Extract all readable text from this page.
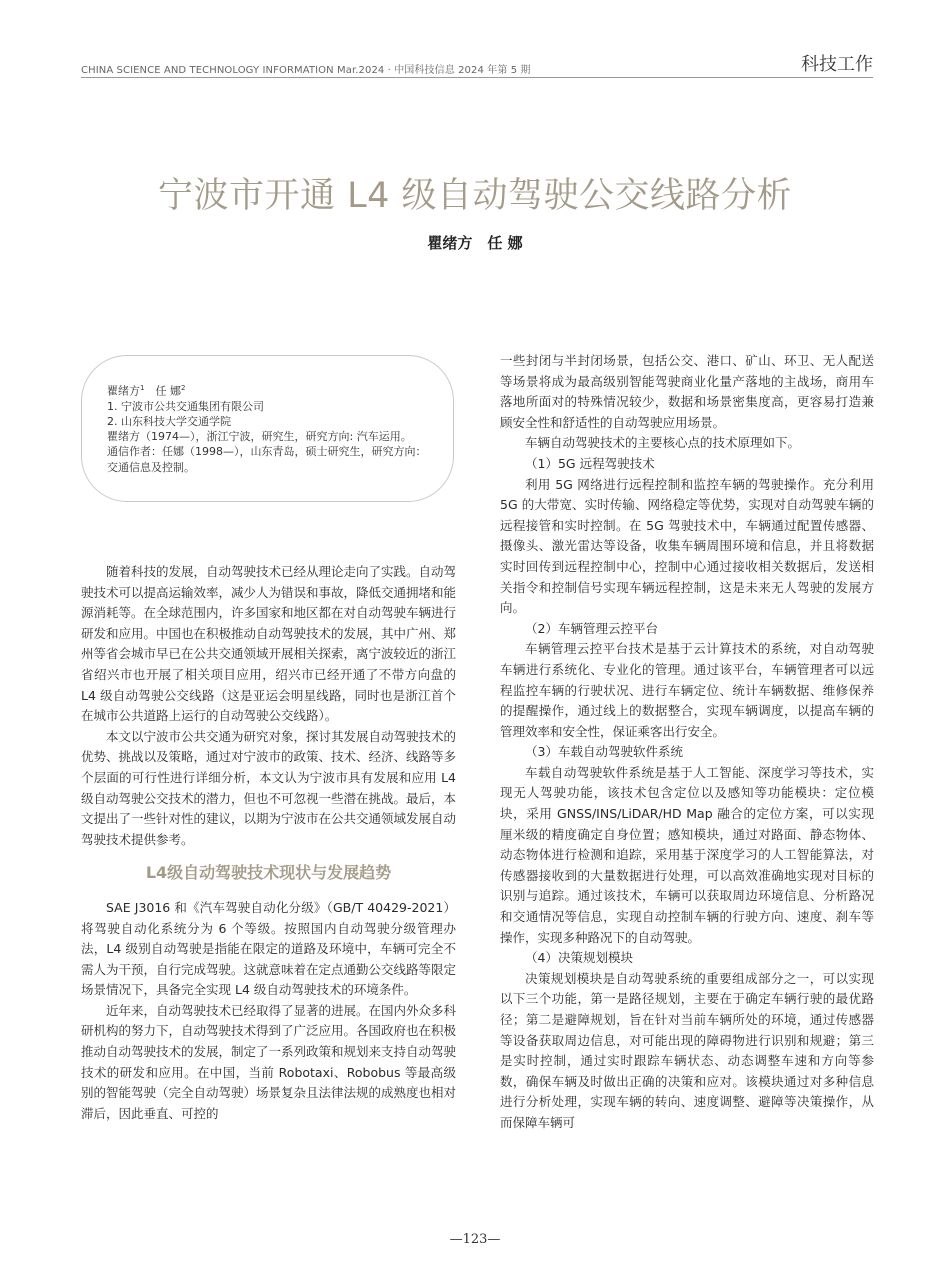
CHINA SCIENCE AND TECHNOLOGY INFORMATION Mar.2024 · 中国科技信息 2024 年第 5 期	科技工作
宁波市开通 L4 级自动驾驶公交线路分析
瞿绪方　任 娜
瞿绪方$^1$　任 娜$^2$
1. 宁波市公共交通集团有限公司
2. 山东科技大学交通学院
瞿绪方（1974—），浙江宁波，研究生，研究方向: 汽车运用。
通信作者：任娜（1998—），山东青岛，硕士研究生，研究方向：交通信息及控制。

随着科技的发展，自动驾驶技术已经从理论走向了实践。自动驾驶技术可以提高运输效率，减少人为错误和事故，降低交通拥堵和能源消耗等。在全球范围内，许多国家和地区都在对自动驾驶车辆进行研发和应用。中国也在积极推动自动驾驶技术的发展，其中广州、郑州等省会城市早已在公共交通领域开展相关探索，离宁波较近的浙江省绍兴市也开展了相关项目应用，绍兴市已经开通了不带方向盘的 L4 级自动驾驶公交线路（这是亚运会明星线路，同时也是浙江首个在城市公共道路上运行的自动驾驶公交线路）。

本文以宁波市公共交通为研究对象，探讨其发展自动驾驶技术的优势、挑战以及策略，通过对宁波市的政策、技术、经济、线路等多个层面的可行性进行详细分析，本文认为宁波市具有发展和应用 L4 级自动驾驶公交技术的潜力，但也不可忽视一些潜在挑战。最后，本文提出了一些针对性的建议，以期为宁波市在公共交通领域发展自动驾驶技术提供参考。

L4级自动驾驶技术现状与发展趋势

SAE J3016 和《汽车驾驶自动化分级》（GB/T 40429-2021）将驾驶自动化系统分为 6 个等级。按照国内自动驾驶分级管理办法，L4 级别自动驾驶是指能在限定的道路及环境中，车辆可完全不需人为干预，自行完成驾驶。这就意味着在定点通勤公交线路等限定场景情况下，具备完全实现 L4 级自动驾驶技术的环境条件。

近年来，自动驾驶技术已经取得了显著的进展。在国内外众多科研机构的努力下，自动驾驶技术得到了广泛应用。各国政府也在积极推动自动驾驶技术的发展，制定了一系列政策和规划来支持自动驾驶技术的研发和应用。在中国，当前 Robotaxi、Robobus 等最高级别的智能驾驶（完全自动驾驶）场景复杂且法律法规的成熟度也相对滞后，因此垂直、可控的

一些封闭与半封闭场景，包括公交、港口、矿山、环卫、无人配送等场景将成为最高级别智能驾驶商业化量产落地的主战场，商用车落地所面对的特殊情况较少，数据和场景密集度高，更容易打造兼顾安全性和舒适性的自动驾驶应用场景。

车辆自动驾驶技术的主要核心点的技术原理如下。

（1）5G 远程驾驶技术

利用 5G 网络进行远程控制和监控车辆的驾驶操作。充分利用 5G 的大带宽、实时传输、网络稳定等优势，实现对自动驾驶车辆的远程接管和实时控制。在 5G 驾驶技术中，车辆通过配置传感器、摄像头、激光雷达等设备，收集车辆周围环境和信息，并且将数据实时回传到远程控制中心，控制中心通过接收相关数据后，发送相关指令和控制信号实现车辆远程控制，这是未来无人驾驶的发展方向。

（2）车辆管理云控平台

车辆管理云控平台技术是基于云计算技术的系统，对自动驾驶车辆进行系统化、专业化的管理。通过该平台，车辆管理者可以远程监控车辆的行驶状况、进行车辆定位、统计车辆数据、维修保养的提醒操作，通过线上的数据整合，实现车辆调度，以提高车辆的管理效率和安全性，保证乘客出行安全。

（3）车载自动驾驶软件系统

车载自动驾驶软件系统是基于人工智能、深度学习等技术，实现无人驾驶功能，该技术包含定位以及感知等功能模块：定位模块，采用 GNSS/INS/LiDAR/HD Map 融合的定位方案，可以实现厘米级的精度确定自身位置；感知模块，通过对路面、静态物体、动态物体进行检测和追踪，采用基于深度学习的人工智能算法，对传感器接收到的大量数据进行处理，可以高效准确地实现对目标的识别与追踪。通过该技术，车辆可以获取周边环境信息、分析路况和交通情况等信息，实现自动控制车辆的行驶方向、速度、刹车等操作，实现多种路况下的自动驾驶。

（4）决策规划模块

决策规划模块是自动驾驶系统的重要组成部分之一，可以实现以下三个功能，第一是路径规划，主要在于确定车辆行驶的最优路径；第二是避障规划，旨在针对当前车辆所处的环境，通过传感器等设备获取周边信息，对可能出现的障碍物进行识别和规避；第三是实时控制，通过实时跟踪车辆状态、动态调整车速和方向等参数，确保车辆及时做出正确的决策和应对。该模块通过对多种信息进行分析处理，实现车辆的转向、速度调整、避障等决策操作，从而保障车辆可

—123—
